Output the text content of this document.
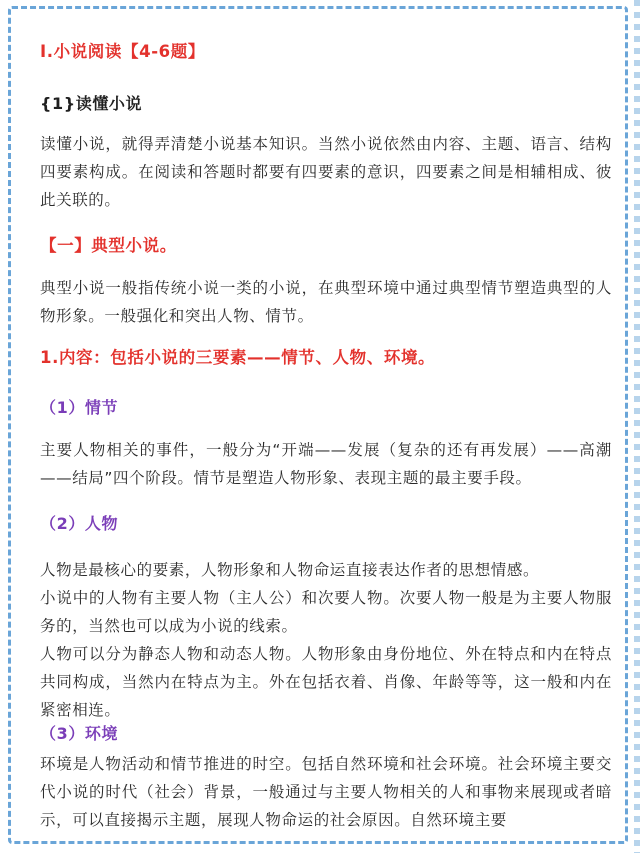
I.小说阅读【4-6题】
{1}读懂小说

读懂小说，就得弄清楚小说基本知识。当然小说依然由内容、主题、语言、结构四要素构成。在阅读和答题时都要有四要素的意识，四要素之间是相辅相成、彼此关联的。

【一】典型小说。

典型小说一般指传统小说一类的小说，在典型环境中通过典型情节塑造典型的人物形象。一般强化和突出人物、情节。

1.内容：包括小说的三要素——情节、人物、环境。
（1）情节

主要人物相关的事件，一般分为“开端——发展（复杂的还有再发展）——高潮——结局”四个阶段。情节是塑造人物形象、表现主题的最主要手段。

（2）人物

人物是最核心的要素，人物形象和人物命运直接表达作者的思想情感。

小说中的人物有主要人物（主人公）和次要人物。次要人物一般是为主要人物服务的，当然也可以成为小说的线索。

人物可以分为静态人物和动态人物。人物形象由身份地位、外在特点和内在特点共同构成，当然内在特点为主。外在包括衣着、肖像、年龄等等，这一般和内在紧密相连。

（3）环境

环境是人物活动和情节推进的时空。包括自然环境和社会环境。社会环境主要交代小说的时代（社会）背景，一般通过与主要人物相关的人和事物来展现或者暗示，可以直接揭示主题，展现人物命运的社会原因。自然环境主要
